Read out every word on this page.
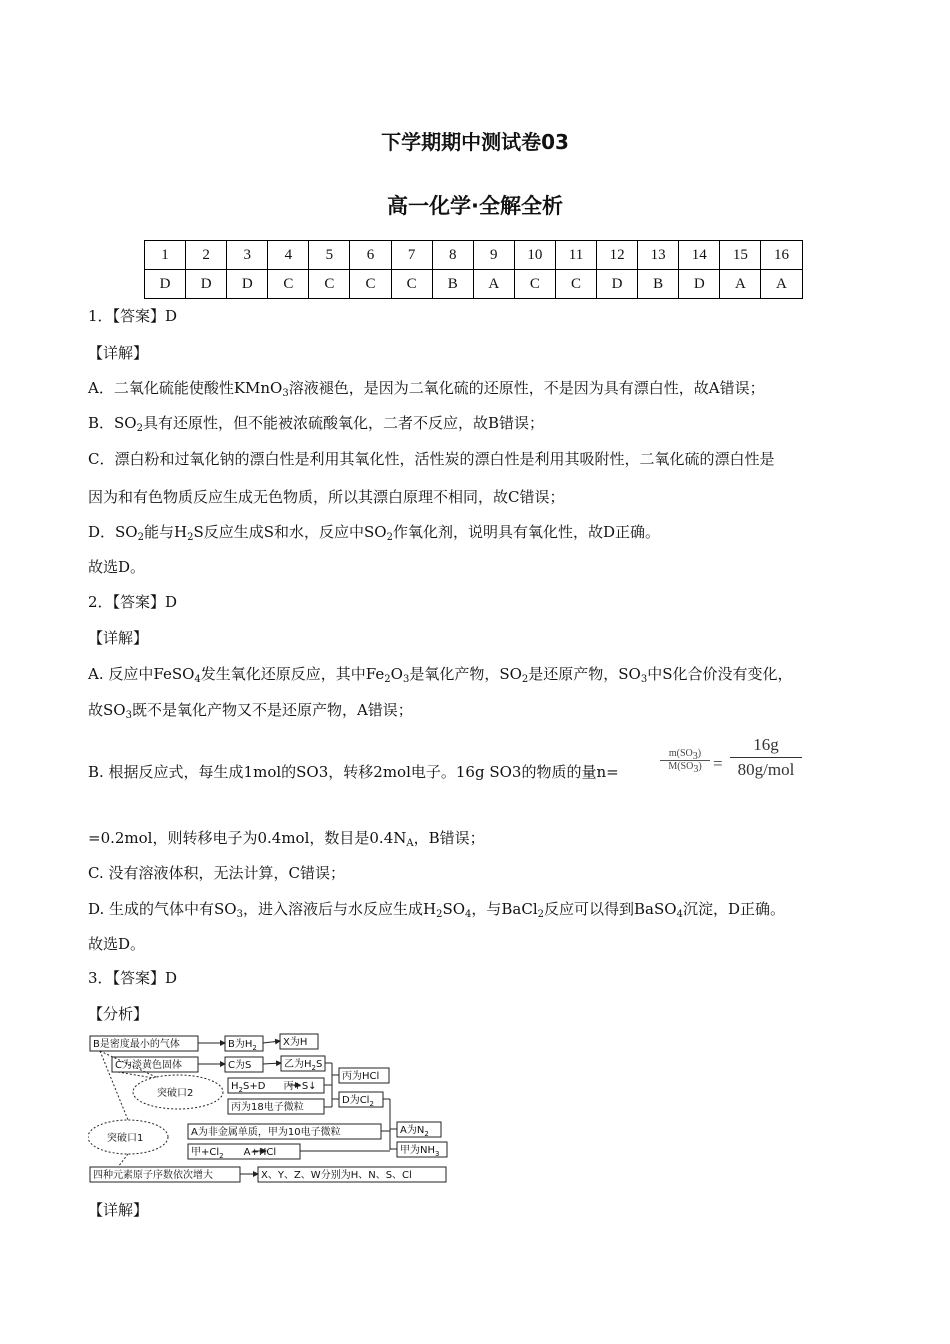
下学期期中测试卷03
高一化学·全解全析
1	2	3	4	5	6	7	8	9	10	11	12	13	14	15	16
D	D	D	C	C	C	C	B	A	C	C	D	B	D	A	A
1．【答案】D
【详解】
A．二氧化硫能使酸性KMnO$_3$溶液褪色，是因为二氧化硫的还原性，不是因为具有漂白性，故A错误；
B．$SO_2$具有还原性，但不能被浓硫酸氧化，二者不反应，故B错误；
C．漂白粉和过氧化钠的漂白性是利用其氧化性，活性炭的漂白性是利用其吸附性，二氧化硫的漂白性是
因为和有色物质反应生成无色物质，所以其漂白原理不相同，故C错误；
D．$SO_2$能与$H_2S$反应生成S和水，反应中$SO_2$作氧化剂，说明具有氧化性，故D正确。
故选D。
2．【答案】D
【详解】
A. 反应中FeSO$_4$发生氧化还原反应，其中$Fe_2O_3$是氧化产物，$SO_2$是还原产物，$SO_3$中S化合价没有变化，
故$SO_3$既不是氧化产物又不是还原产物，A错误；
B. 根据反应式，每生成1mol的SO3，转移2mol电子。16g SO3的物质的量n=	$\frac{m(SO_3)}{M(SO_3)}$ =
16g
80g/mol
=0.2mol，则转移电子为0.4mol，数目是$0.4N_A$，B错误；
C. 没有溶液体积，无法计算，C错误；
D. 生成的气体中有$SO_3$，进入溶液后与水反应生成$H_2SO_4$，与BaCl$_2$反应可以得到BaSO$_4$沉淀，D正确。
故选D。
3．【答案】D
【分析】
B是密度最小的气体
C为淡黄色固体
B为$H_2$	X为H
C为S	乙为$H_2S$
$H_2S+D$ 丙+S↓
丙为18电子微粒
丙为HCl
D为$Cl_2$
A为非金属单质，甲为10电子微粒
甲$+Cl_2$ A+HCl
A为$N_2$
甲为$NH_3$
四种元素原子序数依次增大	X、Y、Z、W分别为H、N、S、Cl
突破口2
突破口1
【详解】
